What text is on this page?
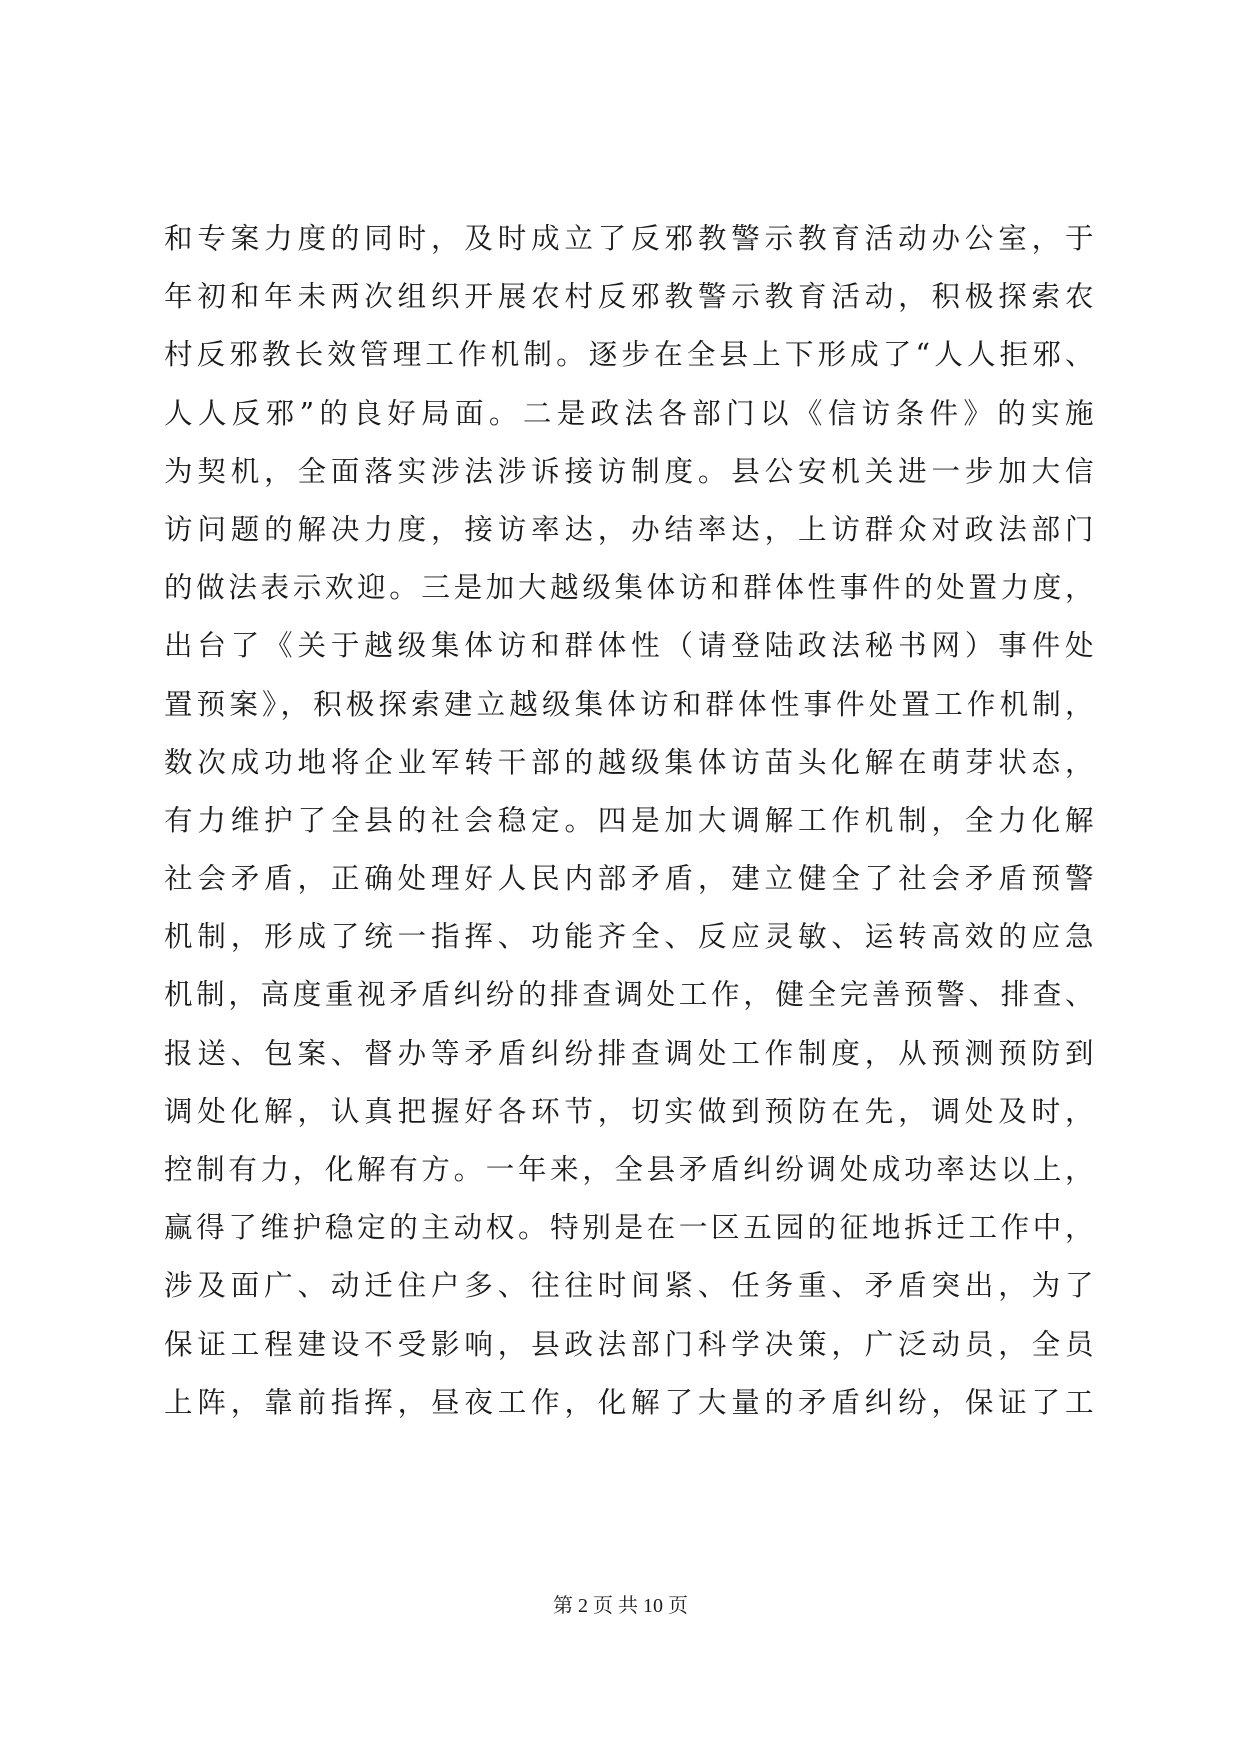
和专案力度的同时，及时成立了反邪教警示教育活动办公室，于
年初和年未两次组织开展农村反邪教警示教育活动，积极探索农
村反邪教长效管理工作机制。逐步在全县上下形成了“人人拒邪、
人人反邪”的良好局面。二是政法各部门以《信访条件》的实施
为契机，全面落实涉法涉诉接访制度。县公安机关进一步加大信
访问题的解决力度，接访率达，办结率达，上访群众对政法部门
的做法表示欢迎。三是加大越级集体访和群体性事件的处置力度，
出台了《关于越级集体访和群体性（请登陆政法秘书网）事件处
置预案》，积极探索建立越级集体访和群体性事件处置工作机制，
数次成功地将企业军转干部的越级集体访苗头化解在萌芽状态，
有力维护了全县的社会稳定。四是加大调解工作机制，全力化解
社会矛盾，正确处理好人民内部矛盾，建立健全了社会矛盾预警
机制，形成了统一指挥、功能齐全、反应灵敏、运转高效的应急
机制，高度重视矛盾纠纷的排查调处工作，健全完善预警、排查、
报送、包案、督办等矛盾纠纷排查调处工作制度，从预测预防到
调处化解，认真把握好各环节，切实做到预防在先，调处及时，
控制有力，化解有方。一年来，全县矛盾纠纷调处成功率达以上，
赢得了维护稳定的主动权。特别是在一区五园的征地拆迁工作中，
涉及面广、动迁住户多、往往时间紧、任务重、矛盾突出，为了
保证工程建设不受影响，县政法部门科学决策，广泛动员，全员
上阵，靠前指挥，昼夜工作，化解了大量的矛盾纠纷，保证了工
第 2 页 共 10 页
